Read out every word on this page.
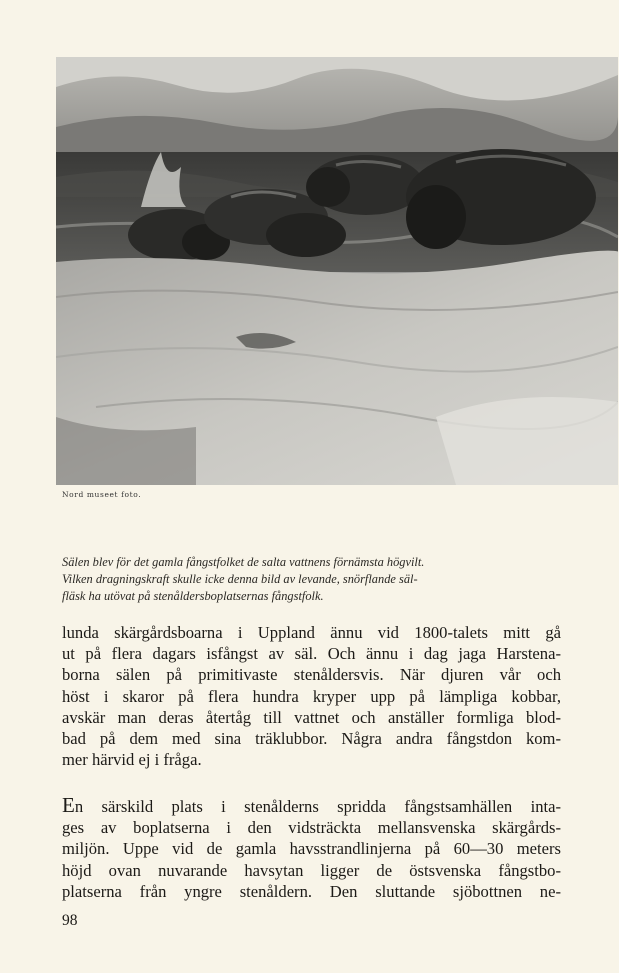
Nord museet foto.

Sälen blev för det gamla fångstfolket de salta vattnens förnämsta högvilt.

Vilken dragningskraft skulle icke denna bild av levande, snörflande säl-

fläsk ha utövat på stenåldersboplatsernas fångstfolk.

lunda skärgårdsboarna i Uppland ännu vid 1800-talets mitt gå

ut på flera dagars isfångst av säl. Och ännu i dag jaga Harstena-

borna sälen på primitivaste stenåldersvis. När djuren vår och

höst i skaror på flera hundra kryper upp på lämpliga kobbar,

avskär man deras återtåg till vattnet och anställer formliga blod-

bad på dem med sina träklubbor. Några andra fångstdon kom-

mer härvid ej i fråga.

En särskild plats i stenålderns spridda fångstsamhällen inta-

ges av boplatserna i den vidsträckta mellansvenska skärgårds-

miljön. Uppe vid de gamla havsstrandlinjerna på 60—30 meters

höjd ovan nuvarande havsytan ligger de östsvenska fångstbo-

platserna från yngre stenåldern. Den sluttande sjöbottnen ne-

98
